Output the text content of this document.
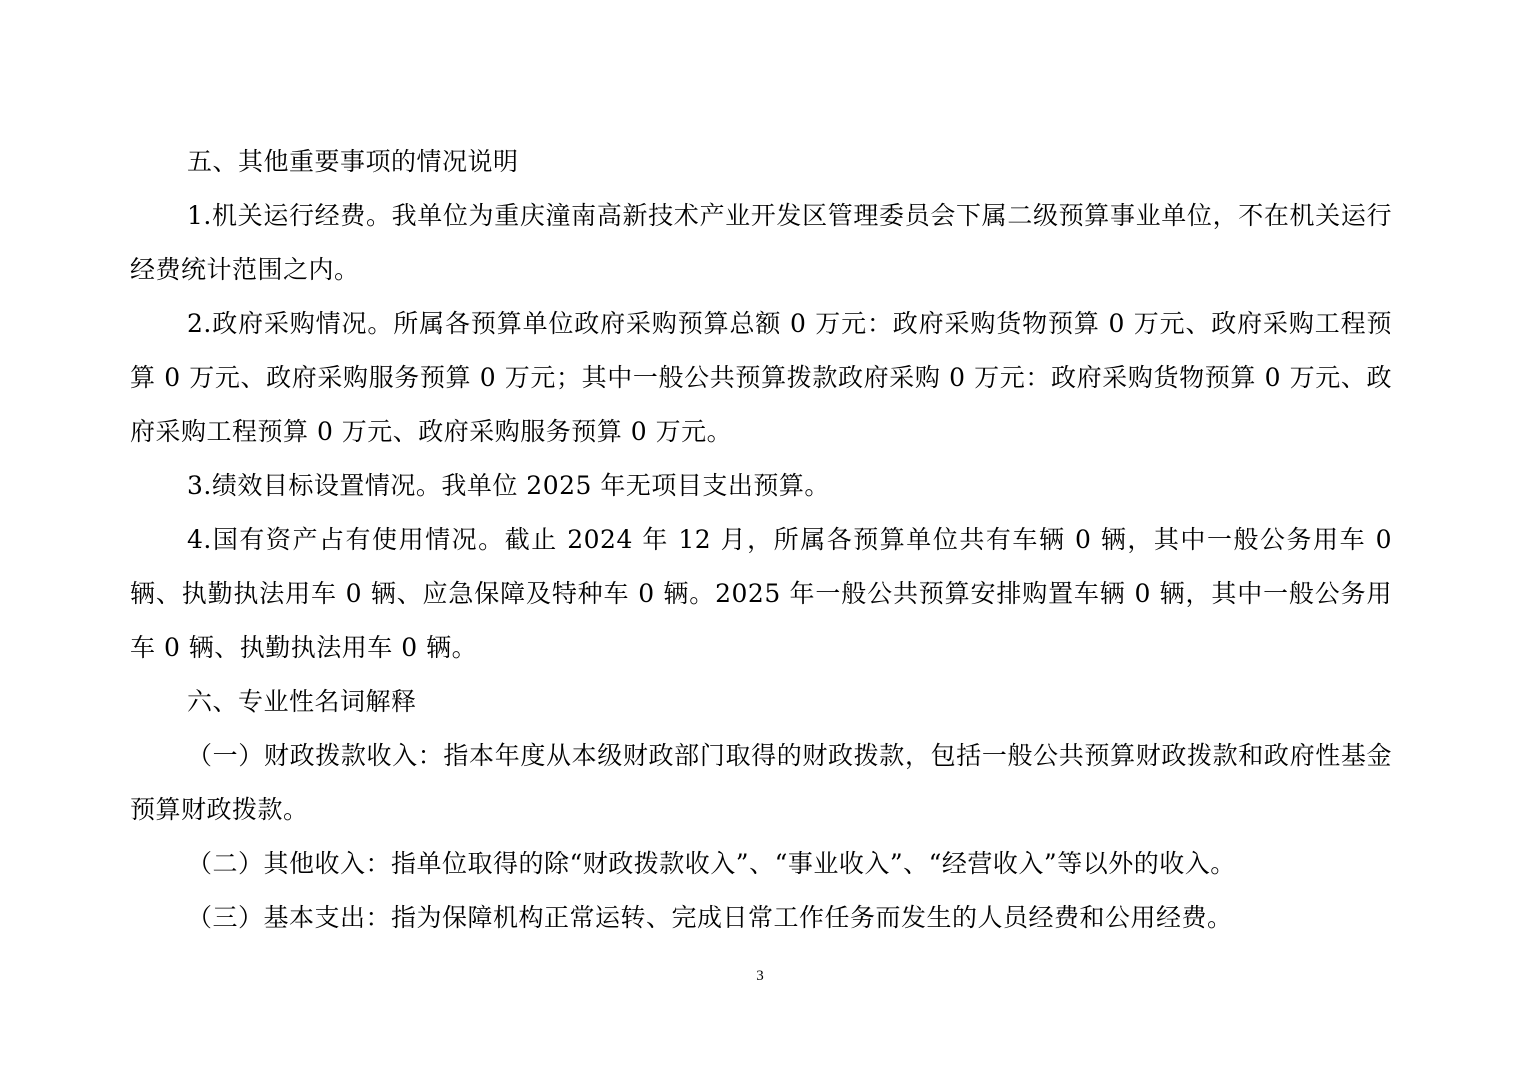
五、其他重要事项的情况说明

1.机关运行经费。我单位为重庆潼南高新技术产业开发区管理委员会下属二级预算事业单位，不在机关运行经费统计范围之内。

2.政府采购情况。所属各预算单位政府采购预算总额 0 万元：政府采购货物预算 0 万元、政府采购工程预算 0 万元、政府采购服务预算 0 万元；其中一般公共预算拨款政府采购 0 万元：政府采购货物预算 0 万元、政府采购工程预算 0 万元、政府采购服务预算 0 万元。

3.绩效目标设置情况。我单位 2025 年无项目支出预算。

4.国有资产占有使用情况。截止 2024 年 12 月，所属各预算单位共有车辆 0 辆，其中一般公务用车 0 辆、执勤执法用车 0 辆、应急保障及特种车 0 辆。2025 年一般公共预算安排购置车辆 0 辆，其中一般公务用车 0 辆、执勤执法用车 0 辆。

六、专业性名词解释

（一）财政拨款收入：指本年度从本级财政部门取得的财政拨款，包括一般公共预算财政拨款和政府性基金预算财政拨款。

（二）其他收入：指单位取得的除“财政拨款收入”、“事业收入”、“经营收入”等以外的收入。

（三）基本支出：指为保障机构正常运转、完成日常工作任务而发生的人员经费和公用经费。

3
